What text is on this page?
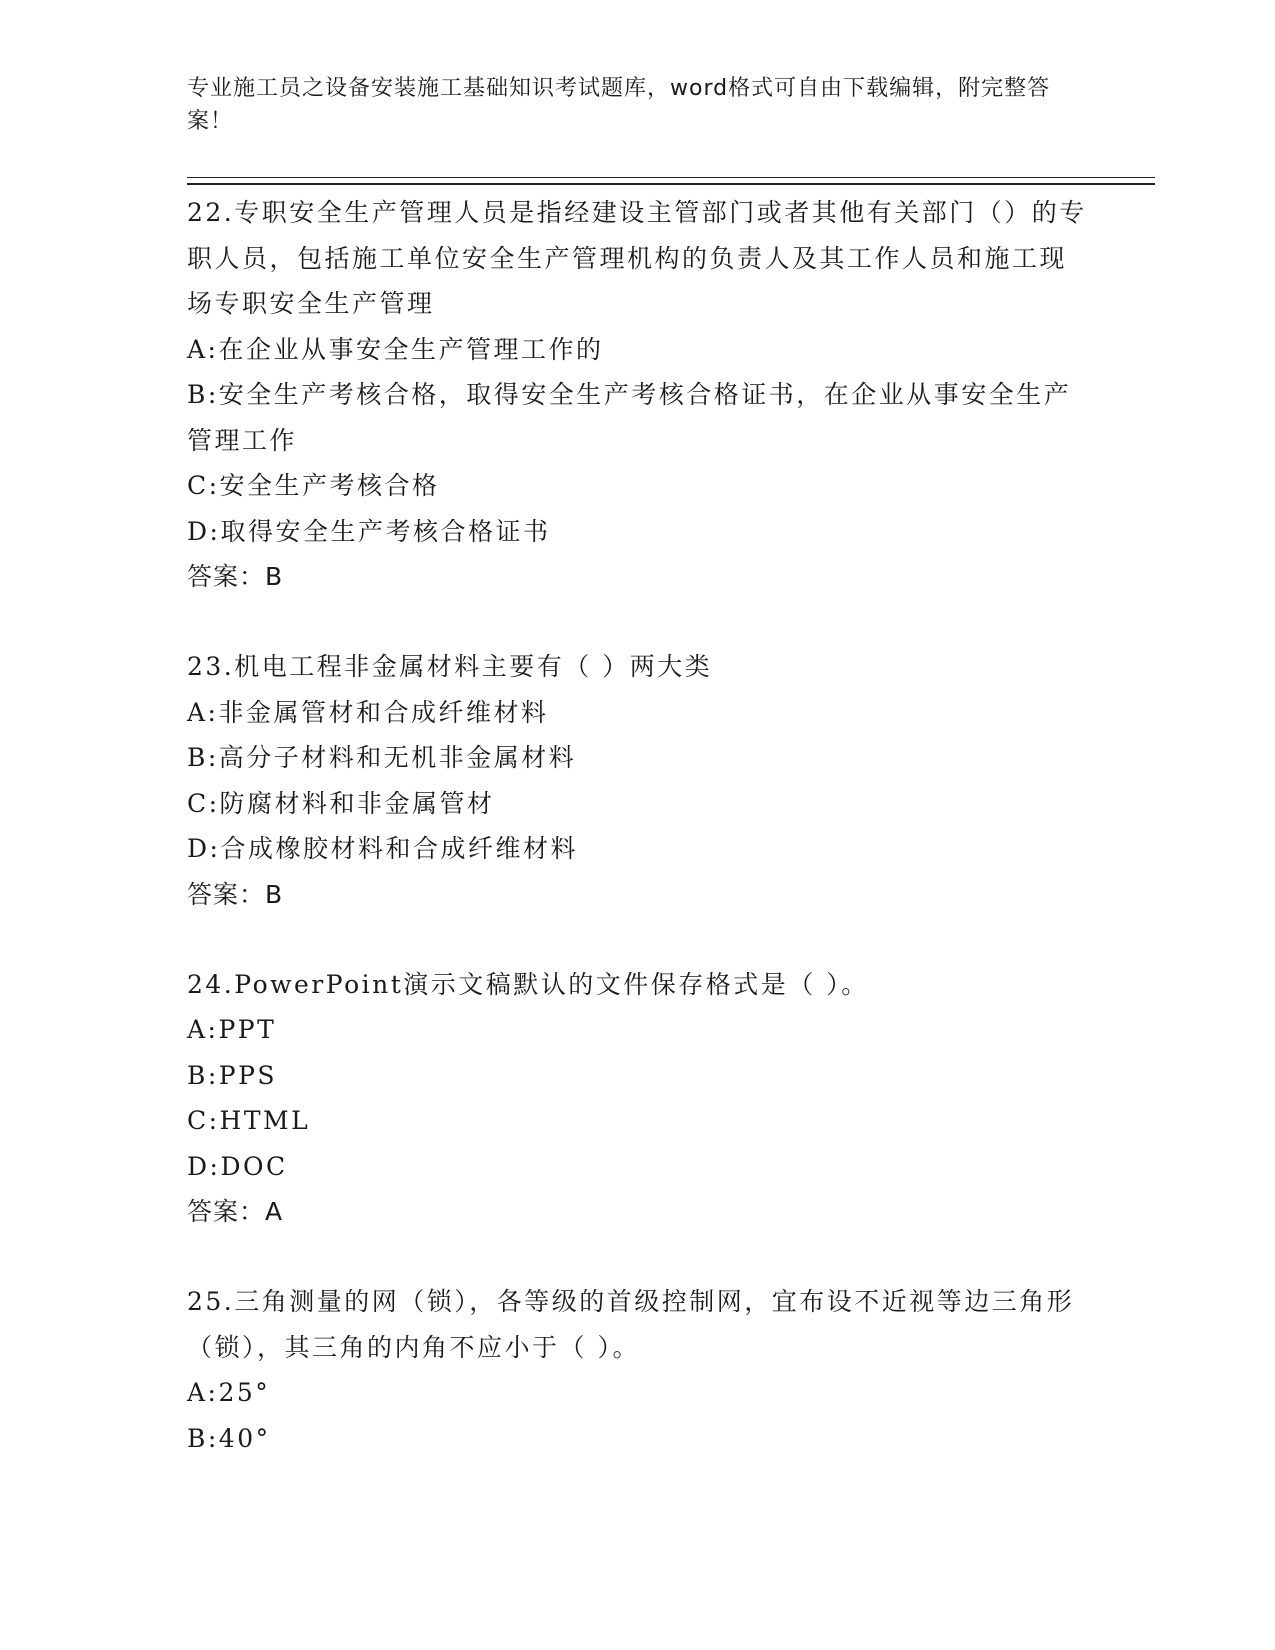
专业施工员之设备安装施工基础知识考试题库，word格式可自由下载编辑，附完整答案！

22.专职安全生产管理人员是指经建设主管部门或者其他有关部门（）的专职人员，包括施工单位安全生产管理机构的负责人及其工作人员和施工现场专职安全生产管理

A:在企业从事安全生产管理工作的

B:安全生产考核合格，取得安全生产考核合格证书，在企业从事安全生产管理工作

C:安全生产考核合格

D:取得安全生产考核合格证书

答案：B

23.机电工程非金属材料主要有（ ）两大类

A:非金属管材和合成纤维材料

B:高分子材料和无机非金属材料

C:防腐材料和非金属管材

D:合成橡胶材料和合成纤维材料

答案：B

24.PowerPoint演示文稿默认的文件保存格式是（ ）。

A:PPT

B:PPS

C:HTML

D:DOC

答案：A

25.三角测量的网（锁），各等级的首级控制网，宜布设不近视等边三角形（锁），其三角的内角不应小于（ ）。

A:25°

B:40°
